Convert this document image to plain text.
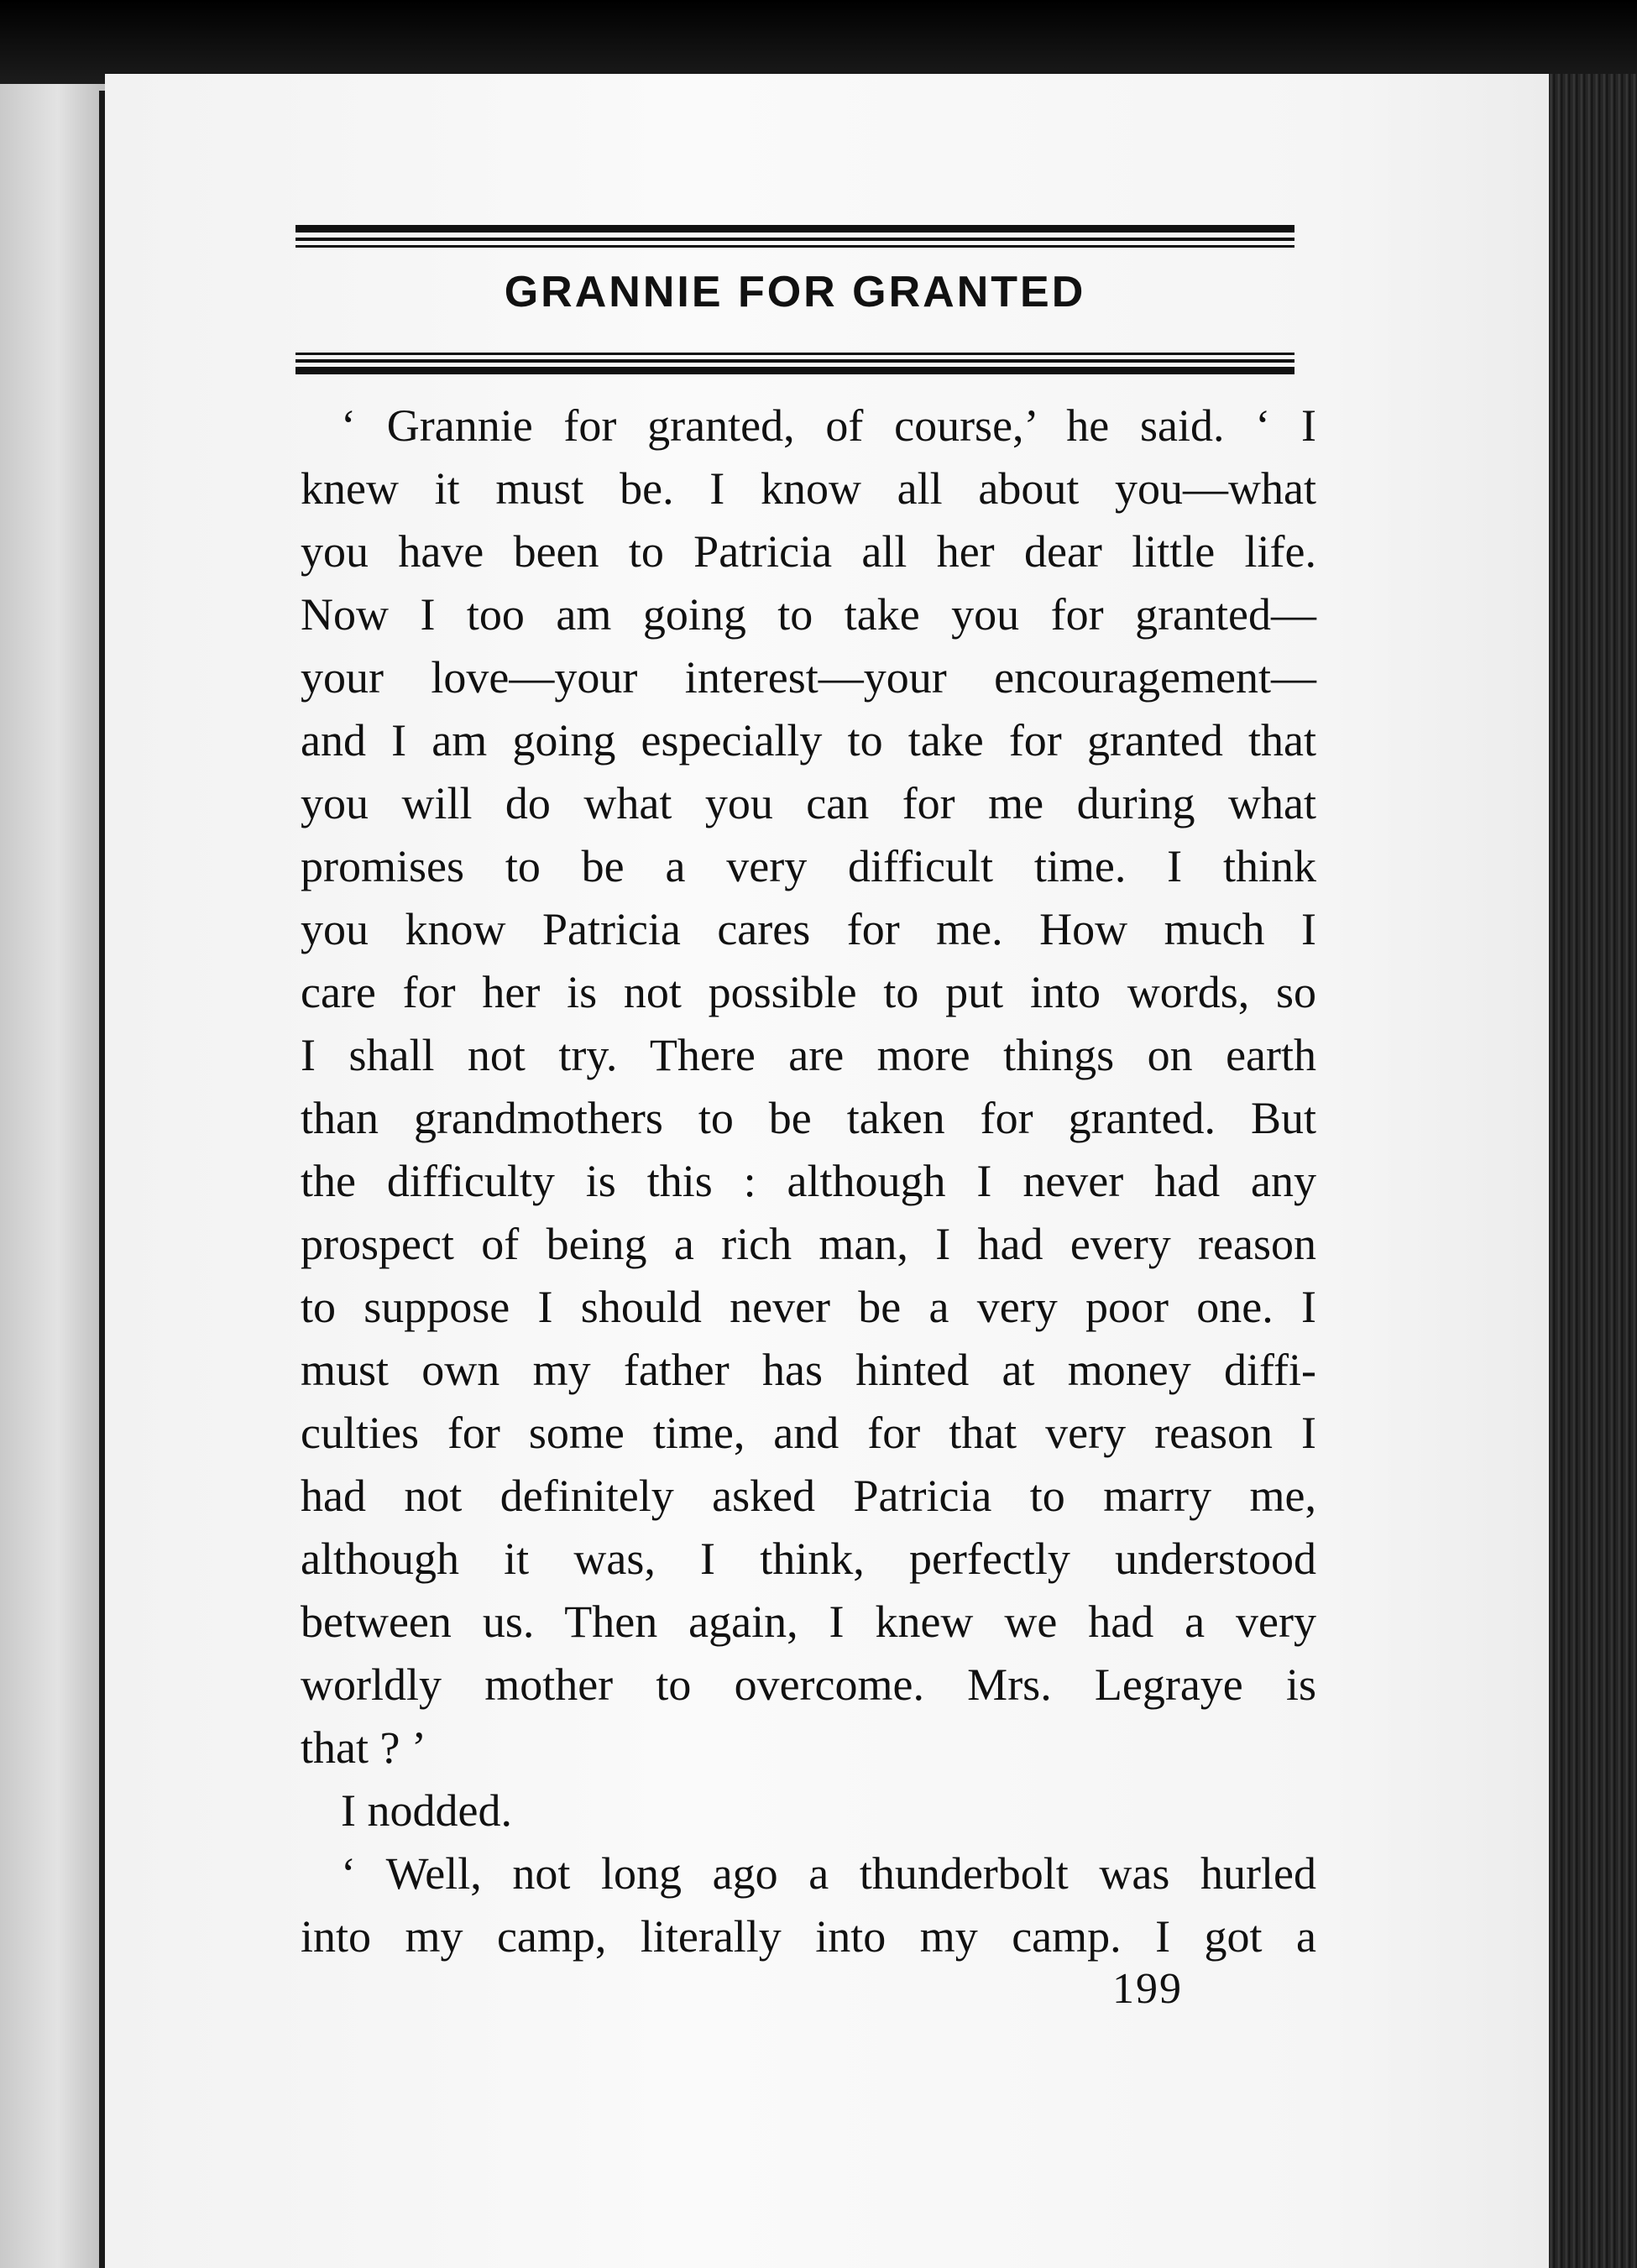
GRANNIE FOR GRANTED
‘ Grannie for granted, of course,’ he said. ‘ I
knew it must be. I know all about you—what
you have been to Patricia all her dear little life.
Now I too am going to take you for granted—
your love—your interest—your encouragement—
and I am going especially to take for granted that
you will do what you can for me during what
promises to be a very difficult time. I think
you know Patricia cares for me. How much I
care for her is not possible to put into words, so
I shall not try. There are more things on earth
than grandmothers to be taken for granted. But
the difficulty is this : although I never had any
prospect of being a rich man, I had every reason
to suppose I should never be a very poor one. I
must own my father has hinted at money diffi-
culties for some time, and for that very reason I
had not definitely asked Patricia to marry me,
although it was, I think, perfectly understood
between us. Then again, I knew we had a very
worldly mother to overcome. Mrs. Legraye is
that ? ’
I nodded.
‘ Well, not long ago a thunderbolt was hurled
into my camp, literally into my camp. I got a
199
